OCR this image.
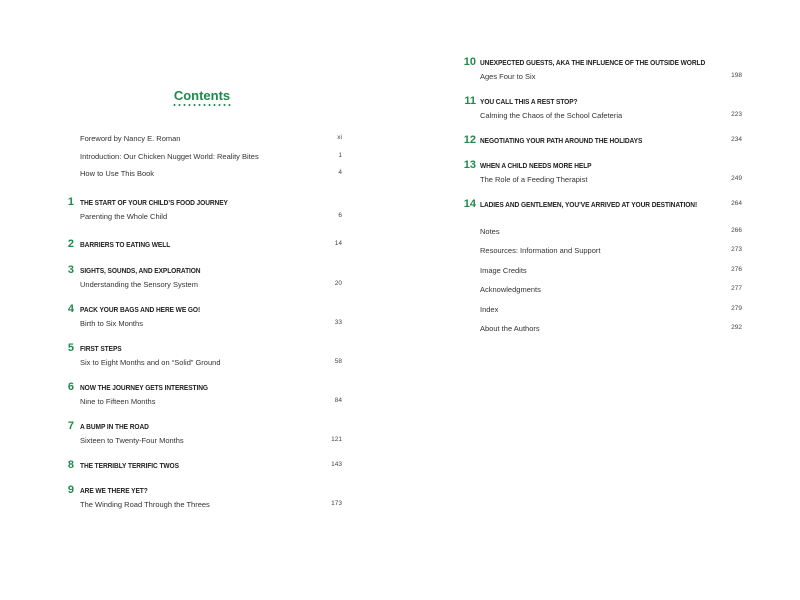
Contents
Foreword by Nancy E. Roman	xi
Introduction: Our Chicken Nugget World: Reality Bites	1
How to Use This Book	4
1 THE START OF YOUR CHILD’S FOOD JOURNEY
Parenting the Whole Child	6
2 BARRIERS TO EATING WELL	14
3 SIGHTS, SOUNDS, AND EXPLORATION
Understanding the Sensory System	20
4 PACK YOUR BAGS AND HERE WE GO!
Birth to Six Months	33
5 FIRST STEPS
Six to Eight Months and on “Solid” Ground	58
6 NOW THE JOURNEY GETS INTERESTING
Nine to Fifteen Months	84
7 A BUMP IN THE ROAD
Sixteen to Twenty-Four Months	121
8 THE TERRIBLY TERRIFIC TWOS	143
9 ARE WE THERE YET?
The Winding Road Through the Threes	173
10 UNEXPECTED GUESTS, AKA THE INFLUENCE OF THE OUTSIDE WORLD
Ages Four to Six	198
11 YOU CALL THIS A REST STOP?
Calming the Chaos of the School Cafeteria	223
12 NEGOTIATING YOUR PATH AROUND THE HOLIDAYS	234
13 WHEN A CHILD NEEDS MORE HELP
The Role of a Feeding Therapist	249
14 LADIES AND GENTLEMEN, YOU’VE ARRIVED AT YOUR DESTINATION!	264
Notes	266
Resources: Information and Support	273
Image Credits	276
Acknowledgments	277
Index	279
About the Authors	292
